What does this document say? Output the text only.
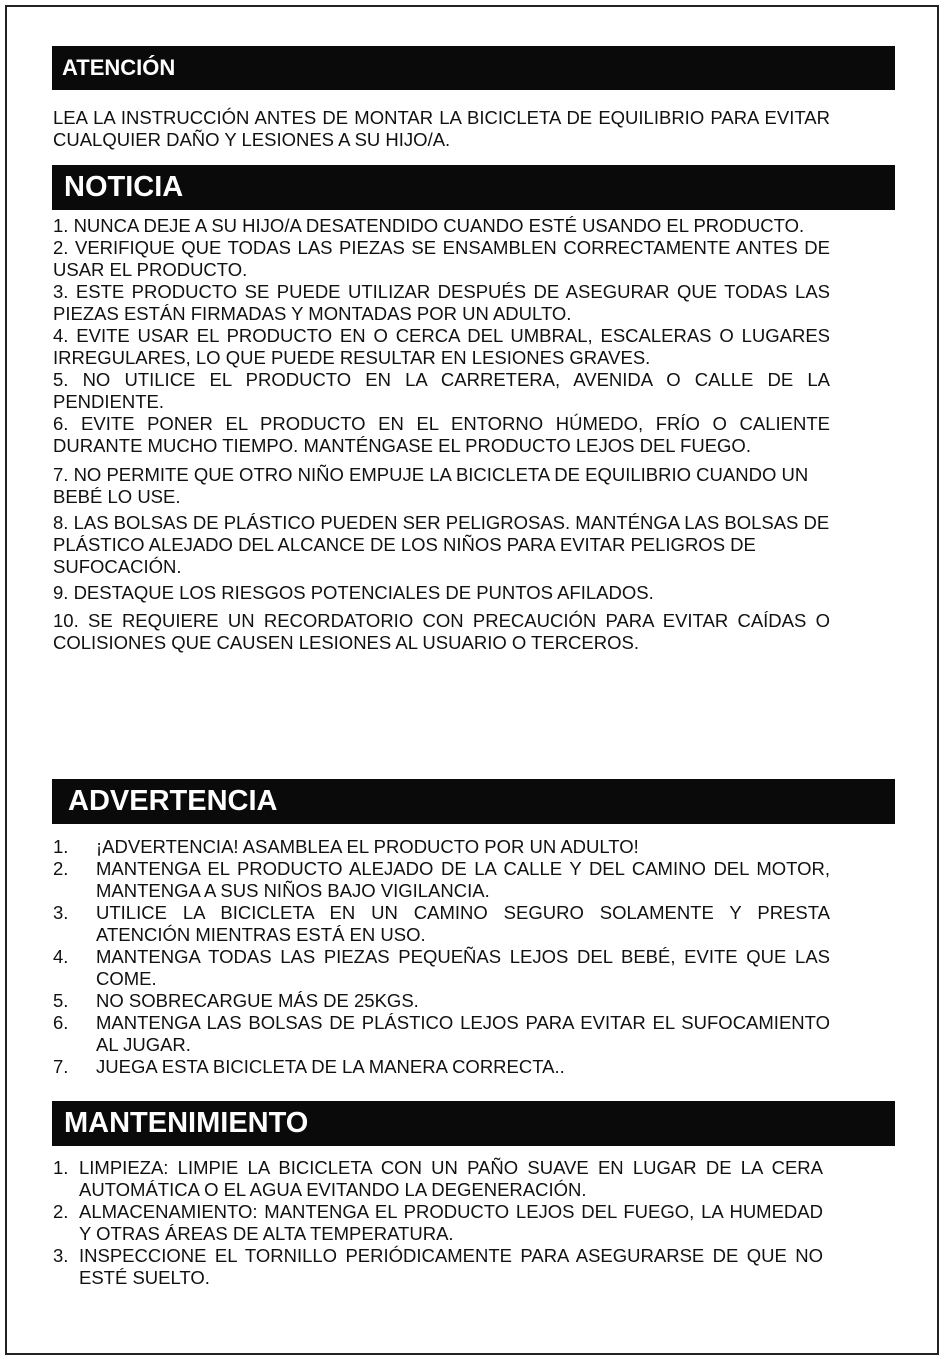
ATENCIÓN
LEA LA INSTRUCCIÓN ANTES DE MONTAR LA BICICLETA DE EQUILIBRIO PARA EVITAR CUALQUIER DAÑO Y LESIONES A SU HIJO/A.
NOTICIA
1. NUNCA DEJE A SU HIJO/A DESATENDIDO CUANDO ESTÉ USANDO EL PRODUCTO.
2. VERIFIQUE QUE TODAS LAS PIEZAS SE ENSAMBLEN CORRECTAMENTE ANTES DE USAR EL PRODUCTO.
3. ESTE PRODUCTO SE PUEDE UTILIZAR DESPUÉS DE ASEGURAR QUE TODAS LAS PIEZAS ESTÁN FIRMADAS Y MONTADAS POR UN ADULTO.
4. EVITE USAR EL PRODUCTO EN O CERCA DEL UMBRAL, ESCALERAS O LUGARES IRREGULARES, LO QUE PUEDE RESULTAR EN LESIONES GRAVES.
5. NO UTILICE EL PRODUCTO EN LA CARRETERA, AVENIDA O CALLE DE LA PENDIENTE.
6. EVITE PONER EL PRODUCTO EN EL ENTORNO HÚMEDO, FRÍO O CALIENTE DURANTE MUCHO TIEMPO. MANTÉNGASE EL PRODUCTO LEJOS DEL FUEGO.
7. NO PERMITE QUE OTRO NIÑO EMPUJE LA BICICLETA DE EQUILIBRIO CUANDO UN BEBÉ LO USE.
8. LAS BOLSAS DE PLÁSTICO PUEDEN SER PELIGROSAS. MANTÉNGA LAS BOLSAS DE PLÁSTICO ALEJADO DEL ALCANCE DE LOS NIÑOS PARA EVITAR PELIGROS DE SUFOCACIÓN.
9. DESTAQUE LOS RIESGOS POTENCIALES DE PUNTOS AFILADOS.
10. SE REQUIERE UN RECORDATORIO CON PRECAUCIÓN PARA EVITAR CAÍDAS O COLISIONES QUE CAUSEN LESIONES AL USUARIO O TERCEROS.
ADVERTENCIA
1.	¡ADVERTENCIA! ASAMBLEA EL PRODUCTO POR UN ADULTO!
2.	MANTENGA EL PRODUCTO ALEJADO DE LA CALLE Y DEL CAMINO DEL MOTOR, MANTENGA A SUS NIÑOS BAJO VIGILANCIA.
3.	UTILICE LA BICICLETA EN UN CAMINO SEGURO SOLAMENTE Y PRESTA ATENCIÓN MIENTRAS ESTÁ EN USO.
4.	MANTENGA TODAS LAS PIEZAS PEQUEÑAS LEJOS DEL BEBÉ, EVITE QUE LAS COME.
5.	NO SOBRECARGUE MÁS DE 25KGS.
6.	MANTENGA LAS BOLSAS DE PLÁSTICO LEJOS PARA EVITAR EL SUFOCAMIENTO AL JUGAR.
7.	JUEGA ESTA BICICLETA DE LA MANERA CORRECTA..
MANTENIMIENTO
1. LIMPIEZA: LIMPIE LA BICICLETA CON UN PAÑO SUAVE EN LUGAR DE LA CERA AUTOMÁTICA O EL AGUA EVITANDO LA DEGENERACIÓN.
2. ALMACENAMIENTO: MANTENGA EL PRODUCTO LEJOS DEL FUEGO, LA HUMEDAD Y OTRAS ÁREAS DE ALTA TEMPERATURA.
3. INSPECCIONE EL TORNILLO PERIÓDICAMENTE PARA ASEGURARSE DE QUE NO ESTÉ SUELTO.
